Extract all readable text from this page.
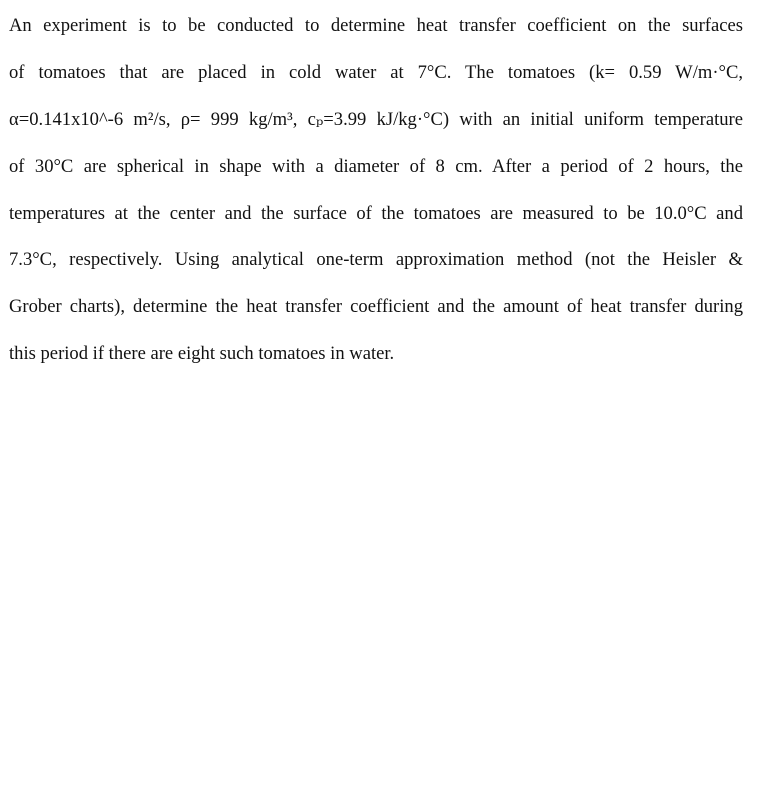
An experiment is to be conducted to determine heat transfer coefficient on the surfaces
of tomatoes that are placed in cold water at 7°C. The tomatoes (k= 0.59 W/m·°C,
α=0.141x10^-6 m²/s, ρ= 999 kg/m³, cₚ=3.99 kJ/kg·°C) with an initial uniform temperature
of 30°C are spherical in shape with a diameter of 8 cm. After a period of 2 hours, the
temperatures at the center and the surface of the tomatoes are measured to be 10.0°C and
7.3°C, respectively. Using analytical one-term approximation method (not the Heisler &
Grober charts), determine the heat transfer coefficient and the amount of heat transfer during
this period if there are eight such tomatoes in water.
